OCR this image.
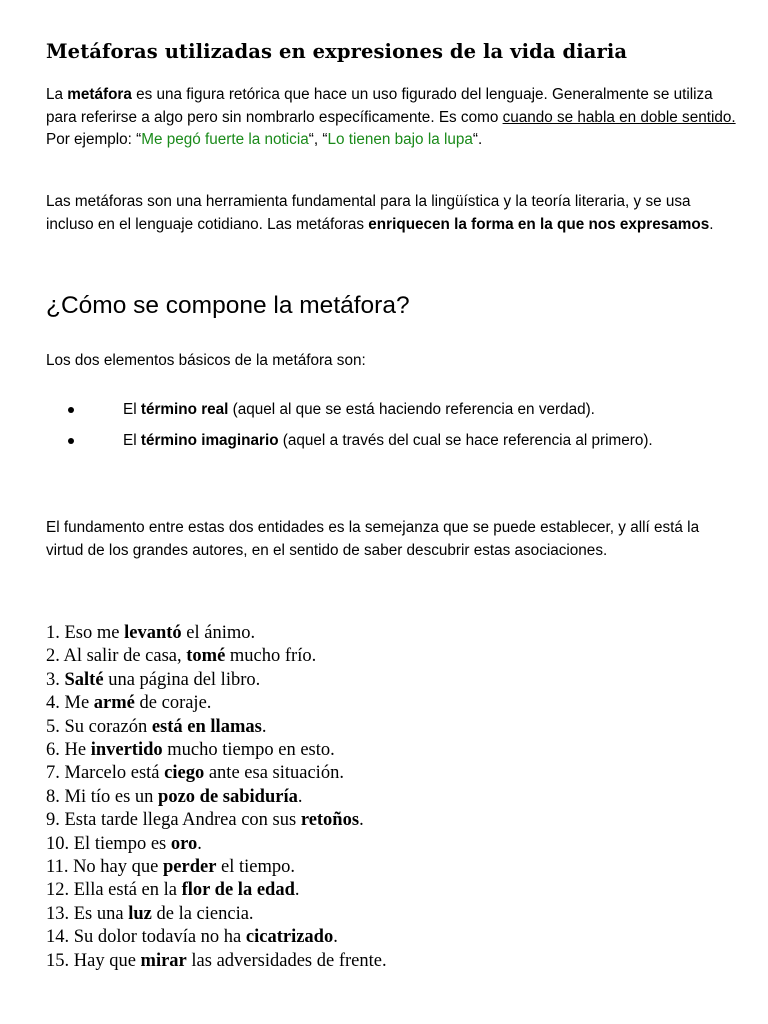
Metáforas utilizadas en expresiones de la vida diaria

La metáfora es una figura retórica que hace un uso figurado del lenguaje. Generalmente se utiliza para referirse a algo pero sin nombrarlo específicamente. Es como cuando se habla en doble sentido. Por ejemplo: “Me pegó fuerte la noticia“, “Lo tienen bajo la lupa“.

Las metáforas son una herramienta fundamental para la lingüística y la teoría literaria, y se usa incluso en el lenguaje cotidiano. Las metáforas enriquecen la forma en la que nos expresamos.

¿Cómo se compone la metáfora?

Los dos elementos básicos de la metáfora son:

El término real (aquel al que se está haciendo referencia en verdad).
El término imaginario (aquel a través del cual se hace referencia al primero).

El fundamento entre estas dos entidades es la semejanza que se puede establecer, y allí está la virtud de los grandes autores, en el sentido de saber descubrir estas asociaciones.

1. Eso me levantó el ánimo.
2. Al salir de casa, tomé mucho frío.
3. Salté una página del libro.
4. Me armé de coraje.
5. Su corazón está en llamas.
6. He invertido mucho tiempo en esto.
7. Marcelo está ciego ante esa situación.
8. Mi tío es un pozo de sabiduría.
9. Esta tarde llega Andrea con sus retoños.
10. El tiempo es oro.
11. No hay que perder el tiempo.
12. Ella está en la flor de la edad.
13. Es una luz de la ciencia.
14. Su dolor todavía no ha cicatrizado.
15. Hay que mirar las adversidades de frente.
